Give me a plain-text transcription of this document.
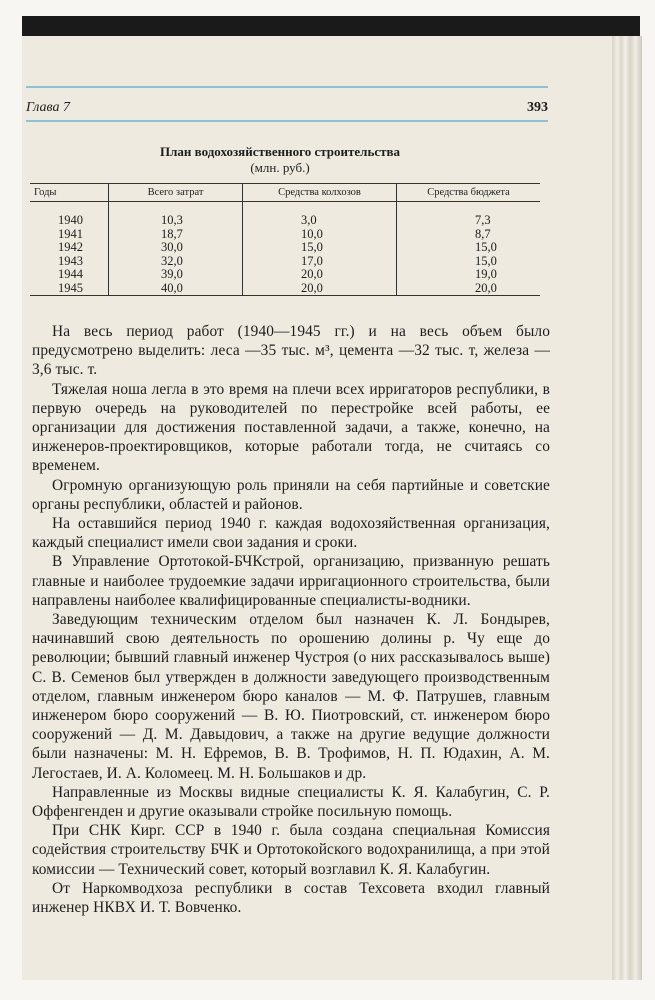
Глава 7	393
План водохозяйственного строительства
(млн. руб.)
Годы	Всего затрат	Средства колхозов	Средства бюджета
1940	10,3	3,0	7,3
1941	18,7	10,0	8,7
1942	30,0	15,0	15,0
1943	32,0	17,0	15,0
1944	39,0	20,0	19,0
1945	40,0	20,0	20,0

На весь период работ (1940—1945 гг.) и на весь объем было предусмотрено выделить: леса —35 тыс. м³, цемента —32 тыс. т, железа —3,6 тыс. т.

Тяжелая ноша легла в это время на плечи всех ирригаторов республики, в первую очередь на руководителей по перестройке всей работы, ее организации для достижения поставленной задачи, а также, конечно, на инженеров-проектировщиков, которые работали тогда, не считаясь со временем.

Огромную организующую роль приняли на себя партийные и советские органы республики, областей и районов.

На оставшийся период 1940 г. каждая водохозяйственная организация, каждый специалист имели свои задания и сроки.

В Управление Ортотокой-БЧКстрой, организацию, призванную решать главные и наиболее трудоемкие задачи ирригационного строительства, были направлены наиболее квалифицированные специалисты-водники.

Заведующим техническим отделом был назначен К. Л. Бондырев, начинавший свою деятельность по орошению долины р. Чу еще до революции; бывший главный инженер Чустроя (о них рассказывалось выше) С. В. Семенов был утвержден в должности заведующего производственным отделом, главным инженером бюро каналов — М. Ф. Патрушев, главным инженером бюро сооружений — В. Ю. Пиотровский, ст. инженером бюро сооружений — Д. М. Давыдович, а также на другие ведущие должности были назначены: М. Н. Ефремов, В. В. Трофимов, Н. П. Юдахин, А. М. Легостаев, И. А. Коломеец. М. Н. Большаков и др.

Направленные из Москвы видные специалисты К. Я. Калабугин, С. Р. Оффенгенден и другие оказывали стройке посильную помощь.

При СНК Кирг. ССР в 1940 г. была создана специальная Комиссия содействия строительству БЧК и Ортотокойского водохранилища, а при этой комиссии — Технический совет, который возглавил К. Я. Калабугин.

От Наркомводхоза республики в состав Техсовета входил главный инженер НКВХ И. Т. Вовченко.
